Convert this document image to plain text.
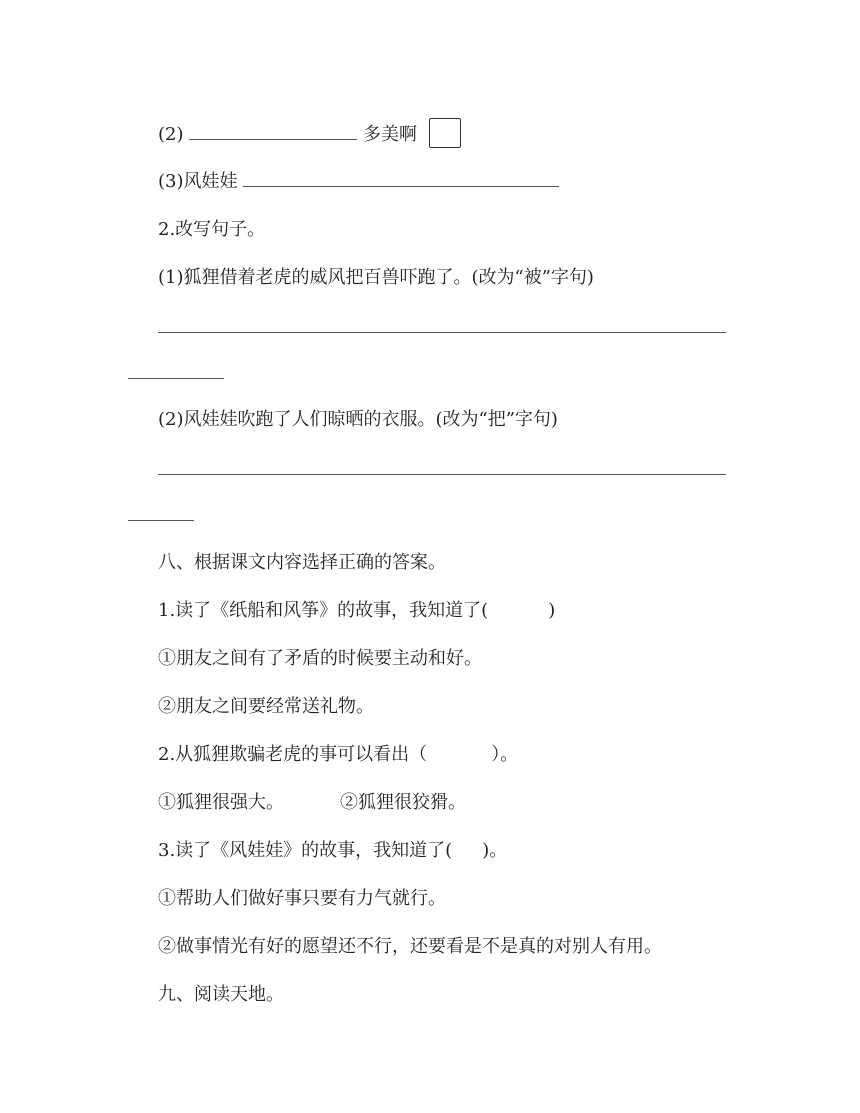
(2)	多美啊
(3)风娃娃
2.改写句子。
(1)狐狸借着老虎的威风把百兽吓跑了。(改为“被”字句)
(2)风娃娃吹跑了人们晾晒的衣服。(改为“把”字句)
八、根据课文内容选择正确的答案。
1.读了《纸船和风筝》的故事，我知道了(	)
①朋友之间有了矛盾的时候要主动和好。
②朋友之间要经常送礼物。
2.从狐狸欺骗老虎的事可以看出（	）。
①狐狸很强大。	②狐狸很狡猾。
3.读了《风娃娃》的故事，我知道了( )。
①帮助人们做好事只要有力气就行。
②做事情光有好的愿望还不行，还要看是不是真的对别人有用。
九、阅读天地。
